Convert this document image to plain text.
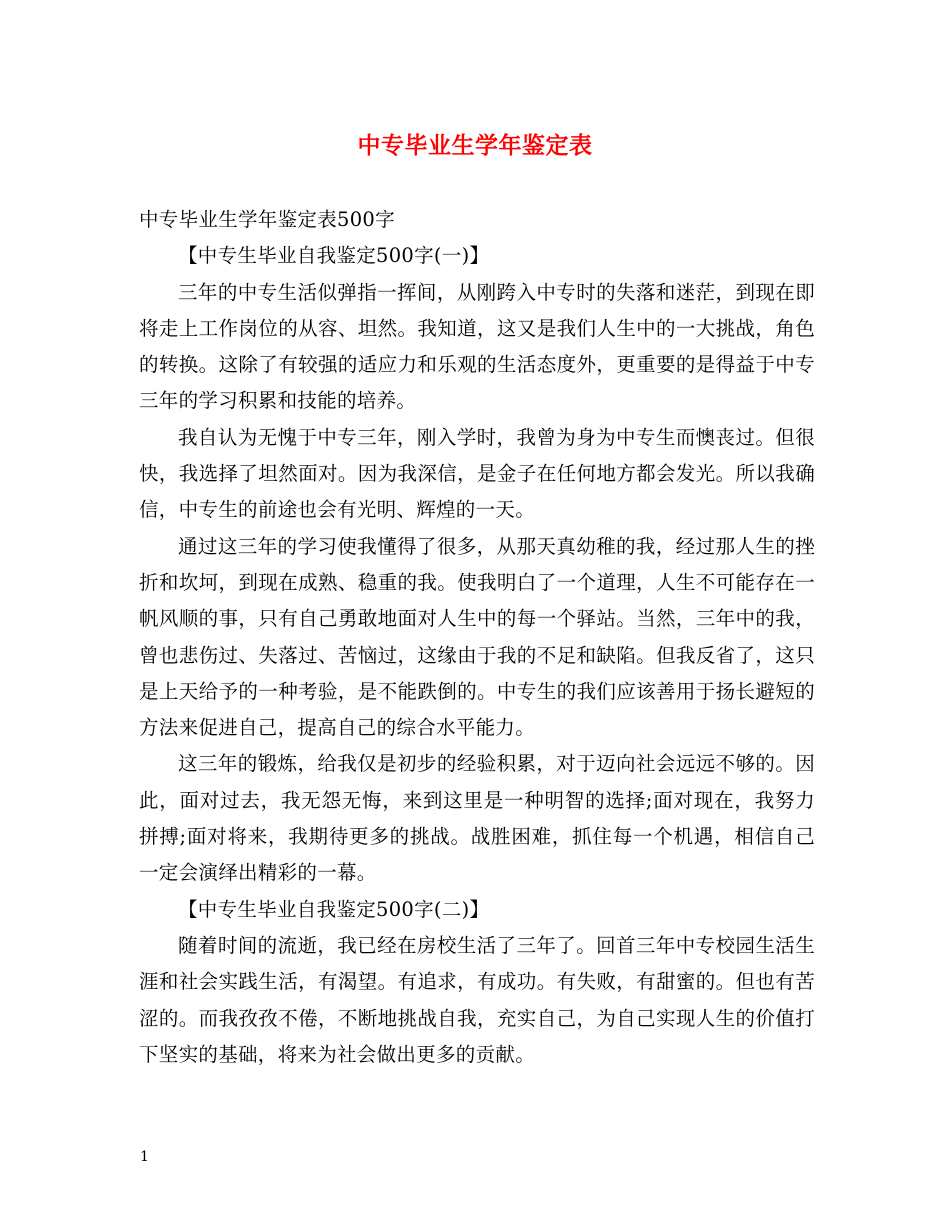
中专毕业生学年鉴定表

中专毕业生学年鉴定表500字

【中专生毕业自我鉴定500字(一)】

三年的中专生活似弹指一挥间，从刚跨入中专时的失落和迷茫，到现在即将走上工作岗位的从容、坦然。我知道，这又是我们人生中的一大挑战，角色的转换。这除了有较强的适应力和乐观的生活态度外，更重要的是得益于中专三年的学习积累和技能的培养。

我自认为无愧于中专三年，刚入学时，我曾为身为中专生而懊丧过。但很快，我选择了坦然面对。因为我深信，是金子在任何地方都会发光。所以我确信，中专生的前途也会有光明、辉煌的一天。

通过这三年的学习使我懂得了很多，从那天真幼稚的我，经过那人生的挫折和坎坷，到现在成熟、稳重的我。使我明白了一个道理，人生不可能存在一帆风顺的事，只有自己勇敢地面对人生中的每一个驿站。当然，三年中的我，曾也悲伤过、失落过、苦恼过，这缘由于我的不足和缺陷。但我反省了，这只是上天给予的一种考验，是不能跌倒的。中专生的我们应该善用于扬长避短的方法来促进自己，提高自己的综合水平能力。

这三年的锻炼，给我仅是初步的经验积累，对于迈向社会远远不够的。因此，面对过去，我无怨无悔，来到这里是一种明智的选择;面对现在，我努力拼搏;面对将来，我期待更多的挑战。战胜困难，抓住每一个机遇，相信自己一定会演绎出精彩的一幕。

【中专生毕业自我鉴定500字(二)】

随着时间的流逝，我已经在房校生活了三年了。回首三年中专校园生活生涯和社会实践生活，有渴望。有追求，有成功。有失败，有甜蜜的。但也有苦涩的。而我孜孜不倦，不断地挑战自我，充实自己，为自己实现人生的价值打下坚实的基础，将来为社会做出更多的贡献。

1
